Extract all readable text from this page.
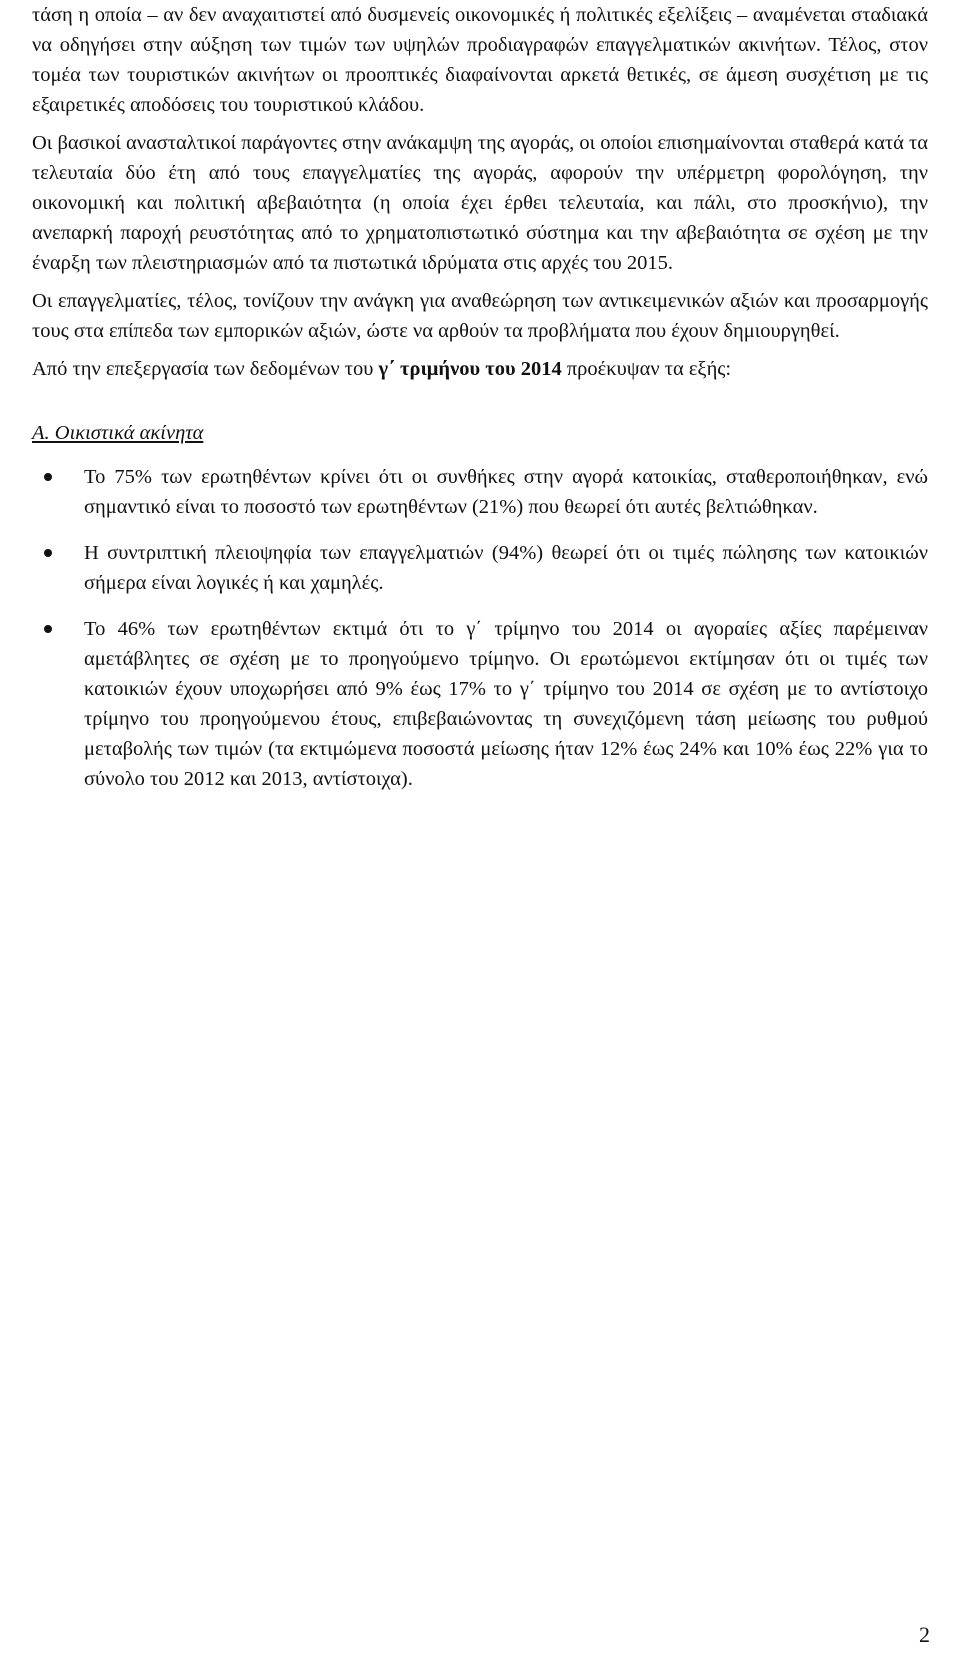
τάση η οποία – αν δεν αναχαιτιστεί από δυσμενείς οικονομικές ή πολιτικές εξελίξεις – αναμένεται σταδιακά να οδηγήσει στην αύξηση των τιμών των υψηλών προδιαγραφών επαγγελματικών ακινήτων. Τέλος, στον τομέα των τουριστικών ακινήτων οι προοπτικές διαφαίνονται αρκετά θετικές, σε άμεση συσχέτιση με τις εξαιρετικές αποδόσεις του τουριστικού κλάδου.

Οι βασικοί ανασταλτικοί παράγοντες στην ανάκαμψη της αγοράς, οι οποίοι επισημαίνονται σταθερά κατά τα τελευταία δύο έτη από τους επαγγελματίες της αγοράς, αφορούν την υπέρμετρη φορολόγηση, την οικονομική και πολιτική αβεβαιότητα (η οποία έχει έρθει τελευταία, και πάλι, στο προσκήνιο), την ανεπαρκή παροχή ρευστότητας από το χρηματοπιστωτικό σύστημα και την αβεβαιότητα σε σχέση με την έναρξη των πλειστηριασμών από τα πιστωτικά ιδρύματα στις αρχές του 2015.

Οι επαγγελματίες, τέλος, τονίζουν την ανάγκη για αναθεώρηση των αντικειμενικών αξιών και προσαρμογής τους στα επίπεδα των εμπορικών αξιών, ώστε να αρθούν τα προβλήματα που έχουν δημιουργηθεί.

Από την επεξεργασία των δεδομένων του γ΄ τριμήνου του 2014 προέκυψαν τα εξής:

Α. Οικιστικά ακίνητα

Το 75% των ερωτηθέντων κρίνει ότι οι συνθήκες στην αγορά κατοικίας, σταθεροποιήθηκαν, ενώ σημαντικό είναι το ποσοστό των ερωτηθέντων (21%) που θεωρεί ότι αυτές βελτιώθηκαν.
Η συντριπτική πλειοψηφία των επαγγελματιών (94%) θεωρεί ότι οι τιμές πώλησης των κατοικιών σήμερα είναι λογικές ή και χαμηλές.
Το 46% των ερωτηθέντων εκτιμά ότι το γ΄ τρίμηνο του 2014 οι αγοραίες αξίες παρέμειναν αμετάβλητες σε σχέση με το προηγούμενο τρίμηνο. Οι ερωτώμενοι εκτίμησαν ότι οι τιμές των κατοικιών έχουν υποχωρήσει από 9% έως 17% το γ΄ τρίμηνο του 2014 σε σχέση με το αντίστοιχο τρίμηνο του προηγούμενου έτους, επιβεβαιώνοντας τη συνεχιζόμενη τάση μείωσης του ρυθμού μεταβολής των τιμών (τα εκτιμώμενα ποσοστά μείωσης ήταν 12% έως 24% και 10% έως 22% για το σύνολο του 2012 και 2013, αντίστοιχα).
2
